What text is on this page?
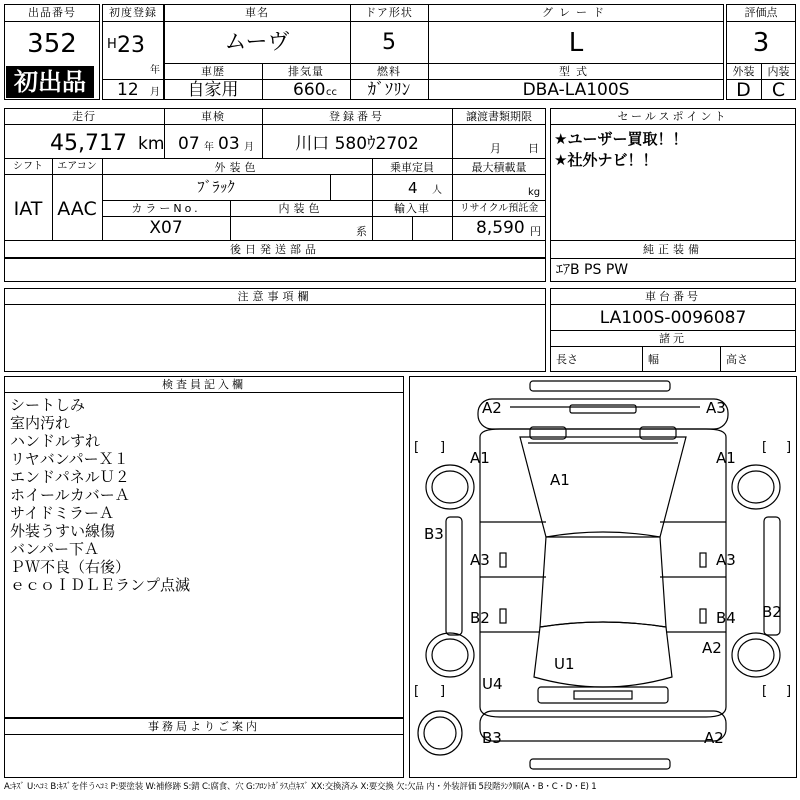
出品番号
352
初出品
初度登録
H 23
年
12 月
車名
ムーヴ
ドア形状
5
グレード
L
車歴
自家用
排気量
660 cc
燃料
ｶﾞｿﾘﾝ
型式
DBA-LA100S
評価点
3
外装	内装
D	C
走行
45,717 km
車検
07 年 03 月
登録番号
川口 580ｳ2702
譲渡書類期限
月 日
シフト	エアコン
IAT AAC
外装色
ﾌﾞﾗｯｸ
乗車定員
4 人
最大積載量
kg
カラーNo.
X07
内装色
系
輸入車	リサイクル預託金
8,590 円
後日発送部品
セールスポイント
★ユーザー買取！！
★社外ナビ！！
純正装備
ｴｱB PS PW
注意事項欄	車台番号
LA100S-0096087
諸元
長さ	幅	高さ
検査員記入欄
シートしみ
室内汚れ
ハンドルすれ
リヤバンパーＸ１
エンドパネルＵ２
ホイールカバーＡ
サイドミラーＡ
外装うすい線傷
バンパー下Ａ
ＰＷ不良（右後）
ｅｃｏＩＤＬＥランプ点滅
事務局よりご案内
[ ]	[ ]
[ ]	[ ]
A2	A3
A1	A1
A1
B3
A3	A3
B2	B4 B2
A2
U1
U4
B3	A2
A:ｷｽﾞ U:ﾍｺﾐ B:ｷｽﾞを伴うﾍｺﾐ P:要塗装 W:補修跡 S:錆 C:腐食、穴 G:ﾌﾛﾝﾄｶﾞﾗｽ点ｷｽﾞ XX:交換済み X:要交換 欠:欠品 内・外装評価 5段階ﾗﾝｸ順(A・B・C・D・E) 1
